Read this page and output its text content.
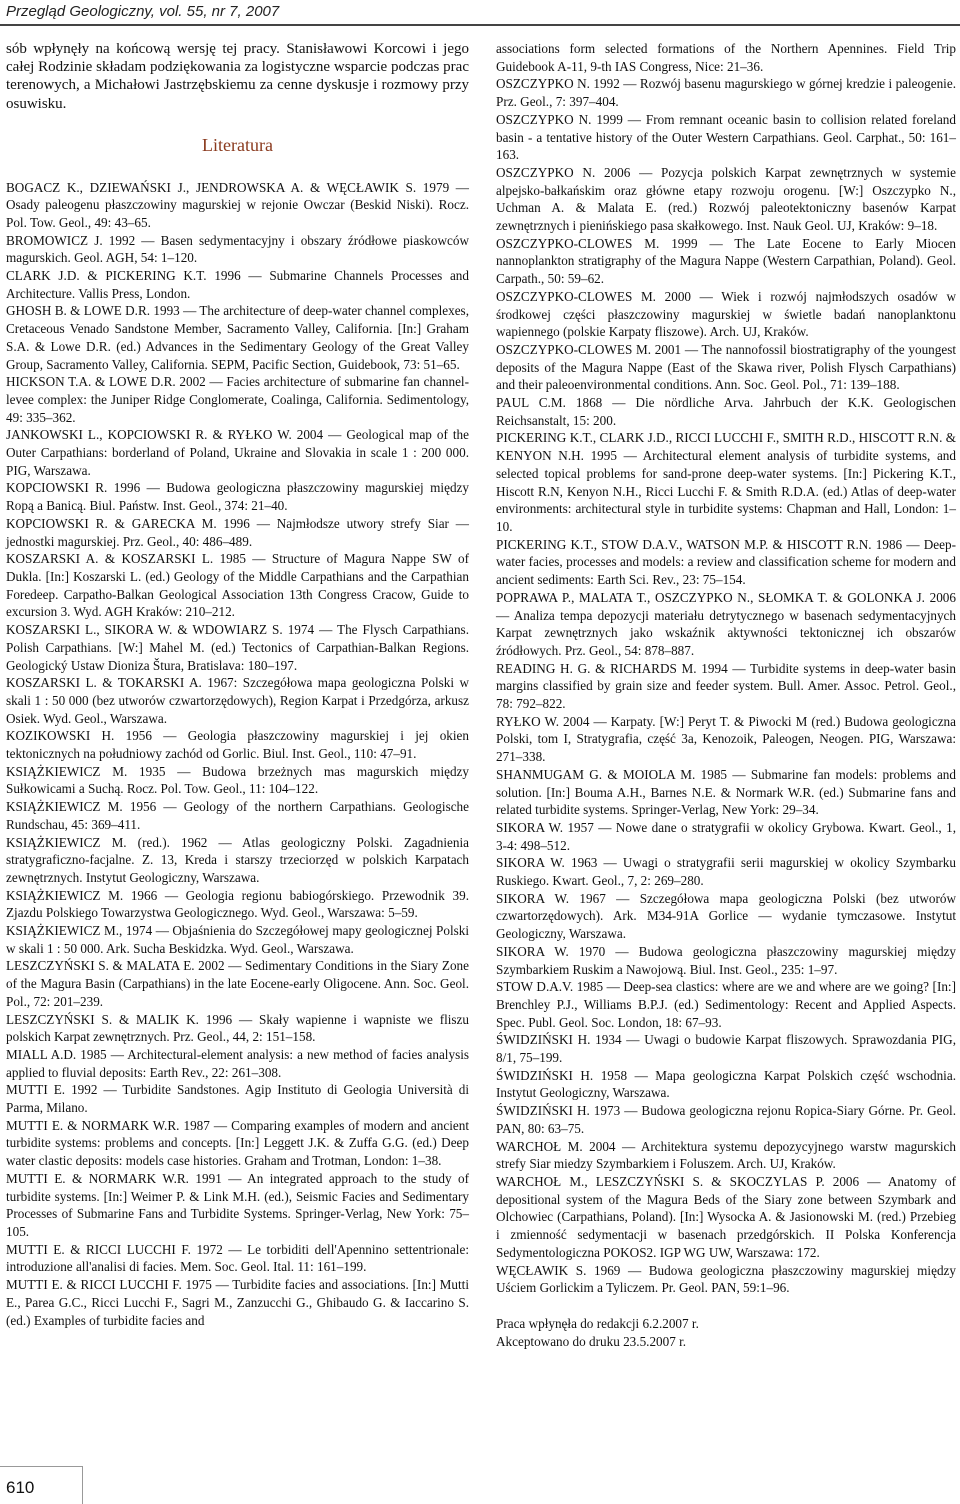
Przegląd Geologiczny, vol. 55, nr 7, 2007

sób wpłynęły na końcową wersję tej pracy. Stanisławowi Korcowi i jego całej Rodzinie składam podziękowania za logistyczne wsparcie podczas prac terenowych, a Michałowi Jastrzębskiemu za cenne dyskusje i rozmowy przy osuwisku.

Literatura

BOGACZ K., DZIEWAŃSKI J., JENDROWSKA A. & WĘCŁAWIK S. 1979 — Osady paleogenu płaszczowiny magurskiej w rejonie Owczar (Beskid Niski). Rocz. Pol. Tow. Geol., 49: 43–65.

BROMOWICZ J. 1992 — Basen sedymentacyjny i obszary źródłowe piaskowców magurskich. Geol. AGH, 54: 1–120.

CLARK J.D. & PICKERING K.T. 1996 — Submarine Channels Processes and Architecture. Vallis Press, London.

GHOSH B. & LOWE D.R. 1993 — The architecture of deep-water channel complexes, Cretaceous Venado Sandstone Member, Sacramento Valley, California. [In:] Graham S.A. & Lowe D.R. (ed.) Advances in the Sedimentary Geology of the Great Valley Group, Sacramento Valley, California. SEPM, Pacific Section, Guidebook, 73: 51–65.

HICKSON T.A. & LOWE D.R. 2002 — Facies architecture of submarine fan channel-levee complex: the Juniper Ridge Conglomerate, Coalinga, California. Sedimentology, 49: 335–362.

JANKOWSKI L., KOPCIOWSKI R. & RYŁKO W. 2004 — Geological map of the Outer Carpathians: borderland of Poland, Ukraine and Slovakia in scale 1 : 200 000. PIG, Warszawa.

KOPCIOWSKI R. 1996 — Budowa geologiczna płaszczowiny magurskiej między Ropą a Banicą. Biul. Państw. Inst. Geol., 374: 21–40.

KOPCIOWSKI R. & GARECKA M. 1996 — Najmłodsze utwory strefy Siar — jednostki magurskiej. Prz. Geol., 40: 486–489.

KOSZARSKI A. & KOSZARSKI L. 1985 — Structure of Magura Nappe SW of Dukla. [In:] Koszarski L. (ed.) Geology of the Middle Carpathians and the Carpathian Foredeep. Carpatho-Balkan Geological Association 13th Congress Cracow, Guide to excursion 3. Wyd. AGH Kraków: 210–212.

KOSZARSKI L., SIKORA W. & WDOWIARZ S. 1974 — The Flysch Carpathians. Polish Carpathians. [W:] Mahel M. (ed.) Tectonics of Carpathian-Balkan Regions. Geologický Ustaw Dioniza Štura, Bratislava: 180–197.

KOSZARSKI L. & TOKARSKI A. 1967: Szczegółowa mapa geologiczna Polski w skali 1 : 50 000 (bez utworów czwartorzędowych), Region Karpat i Przedgórza, arkusz Osiek. Wyd. Geol., Warszawa.

KOZIKOWSKI H. 1956 — Geologia płaszczowiny magurskiej i jej okien tektonicznych na południowy zachód od Gorlic. Biul. Inst. Geol., 110: 47–91.

KSIĄŻKIEWICZ M. 1935 — Budowa brzeżnych mas magurskich między Sułkowicami a Suchą. Rocz. Pol. Tow. Geol., 11: 104–122.

KSIĄŻKIEWICZ M. 1956 — Geology of the northern Carpathians. Geologische Rundschau, 45: 369–411.

KSIĄŻKIEWICZ M. (red.). 1962 — Atlas geologiczny Polski. Zagadnienia stratygraficzno-facjalne. Z. 13, Kreda i starszy trzeciorzęd w polskich Karpatach zewnętrznych. Instytut Geologiczny, Warszawa.

KSIĄŻKIEWICZ M. 1966 — Geologia regionu babiogórskiego. Przewodnik 39. Zjazdu Polskiego Towarzystwa Geologicznego. Wyd. Geol., Warszawa: 5–59.

KSIĄŻKIEWICZ M., 1974 — Objaśnienia do Szczegółowej mapy geologicznej Polski w skali 1 : 50 000. Ark. Sucha Beskidzka. Wyd. Geol., Warszawa.

LESZCZYŃSKI S. & MALATA E. 2002 — Sedimentary Conditions in the Siary Zone of the Magura Basin (Carpathians) in the late Eocene-early Oligocene. Ann. Soc. Geol. Pol., 72: 201–239.

LESZCZYŃSKI S. & MALIK K. 1996 — Skały wapienne i wapniste we fliszu polskich Karpat zewnętrznych. Prz. Geol., 44, 2: 151–158.

MIALL A.D. 1985 — Architectural-element analysis: a new method of facies analysis applied to fluvial deposits: Earth Rev., 22: 261–308.

MUTTI E. 1992 — Turbidite Sandstones. Agip Instituto di Geologia Università di Parma, Milano.

MUTTI E. & NORMARK W.R. 1987 — Comparing examples of modern and ancient turbidite systems: problems and concepts. [In:] Leggett J.K. & Zuffa G.G. (ed.) Deep water clastic deposits: models case histories. Graham and Trotman, London: 1–38.

MUTTI E. & NORMARK W.R. 1991 — An integrated approach to the study of turbidite systems. [In:] Weimer P. & Link M.H. (ed.), Seismic Facies and Sedimentary Processes of Submarine Fans and Turbidite Systems. Springer-Verlag, New York: 75–105.

MUTTI E. & RICCI LUCCHI F. 1972 — Le torbiditi dell'Apennino settentrionale: introduzione all'analisi di facies. Mem. Soc. Geol. Ital. 11: 161–199.

MUTTI E. & RICCI LUCCHI F. 1975 — Turbidite facies and associations. [In:] Mutti E., Parea G.C., Ricci Lucchi F., Sagri M., Zanzucchi G., Ghibaudo G. & Iaccarino S. (ed.) Examples of turbidite facies and

associations form selected formations of the Northern Apennines. Field Trip Guidebook A-11, 9-th IAS Congress, Nice: 21–36.

OSZCZYPKO N. 1992 — Rozwój basenu magurskiego w górnej kredzie i paleogenie. Prz. Geol., 7: 397–404.

OSZCZYPKO N. 1999 — From remnant oceanic basin to collision related foreland basin - a tentative history of the Outer Western Carpathians. Geol. Carphat., 50: 161–163.

OSZCZYPKO N. 2006 — Pozycja polskich Karpat zewnętrznych w systemie alpejsko-bałkańskim oraz główne etapy rozwoju orogenu. [W:] Oszczypko N., Uchman A. & Malata E. (red.) Rozwój paleotektoniczny basenów Karpat zewnętrznych i pienińskiego pasa skałkowego. Inst. Nauk Geol. UJ, Kraków: 9–18.

OSZCZYPKO-CLOWES M. 1999 — The Late Eocene to Early Miocen nannoplankton stratigraphy of the Magura Nappe (Western Carpathian, Poland). Geol. Carpath., 50: 59–62.

OSZCZYPKO-CLOWES M. 2000 — Wiek i rozwój najmłodszych osadów w środkowej części płaszczowiny magurskiej w świetle badań nanoplanktonu wapiennego (polskie Karpaty fliszowe). Arch. UJ, Kraków.

OSZCZYPKO-CLOWES M. 2001 — The nannofossil biostratigraphy of the youngest deposits of the Magura Nappe (East of the Skawa river, Polish Flysch Carpathians) and their paleoenvironmental conditions. Ann. Soc. Geol. Pol., 71: 139–188.

PAUL C.M. 1868 — Die nördliche Arva. Jahrbuch der K.K. Geologischen Reichsanstalt, 15: 200.

PICKERING K.T., CLARK J.D., RICCI LUCCHI F., SMITH R.D., HISCOTT R.N. & KENYON N.H. 1995 — Architectural element analysis of turbidite systems, and selected topical problems for sand-prone deep-water systems. [In:] Pickering K.T., Hiscott R.N, Kenyon N.H., Ricci Lucchi F. & Smith R.D.A. (ed.) Atlas of deep-water environments: architectural style in turbidite systems: Chapman and Hall, London: 1–10.

PICKERING K.T., STOW D.A.V., WATSON M.P. & HISCOTT R.N. 1986 — Deep-water facies, processes and models: a review and classification scheme for modern and ancient sediments: Earth Sci. Rev., 23: 75–154.

POPRAWA P., MALATA T., OSZCZYPKO N., SŁOMKA T. & GOLONKA J. 2006 — Analiza tempa depozycji materiału detrytycznego w basenach sedymentacyjnych Karpat zewnętrznych jako wskaźnik aktywności tektonicznej ich obszarów źródłowych. Prz. Geol., 54: 878–887.

READING H. G. & RICHARDS M. 1994 — Turbidite systems in deep-water basin margins classified by grain size and feeder system. Bull. Amer. Assoc. Petrol. Geol., 78: 792–822.

RYŁKO W. 2004 — Karpaty. [W:] Peryt T. & Piwocki M (red.) Budowa geologiczna Polski, tom I, Stratygrafia, część 3a, Kenozoik, Paleogen, Neogen. PIG, Warszawa: 271–338.

SHANMUGAM G. & MOIOLA M. 1985 — Submarine fan models: problems and solution. [In:] Bouma A.H., Barnes N.E. & Normark W.R. (ed.) Submarine fans and related turbidite systems. Springer-Verlag, New York: 29–34.

SIKORA W. 1957 — Nowe dane o stratygrafii w okolicy Grybowa. Kwart. Geol., 1, 3-4: 498–512.

SIKORA W. 1963 — Uwagi o stratygrafii serii magurskiej w okolicy Szymbarku Ruskiego. Kwart. Geol., 7, 2: 269–280.

SIKORA W. 1967 — Szczegółowa mapa geologiczna Polski (bez utworów czwartorzędowych). Ark. M34-91A Gorlice — wydanie tymczasowe. Instytut Geologiczny, Warszawa.

SIKORA W. 1970 — Budowa geologiczna płaszczowiny magurskiej między Szymbarkiem Ruskim a Nawojową. Biul. Inst. Geol., 235: 1–97.

STOW D.A.V. 1985 — Deep-sea clastics: where are we and where are we going? [In:] Brenchley P.J., Williams B.P.J. (ed.) Sedimentology: Recent and Applied Aspects. Spec. Publ. Geol. Soc. London, 18: 67–93.

ŚWIDZIŃSKI H. 1934 — Uwagi o budowie Karpat fliszowych. Sprawozdania PIG, 8/1, 75–199.

ŚWIDZIŃSKI H. 1958 — Mapa geologiczna Karpat Polskich część wschodnia. Instytut Geologiczny, Warszawa.

ŚWIDZIŃSKI H. 1973 — Budowa geologiczna rejonu Ropica-Siary Górne. Pr. Geol. PAN, 80: 63–75.

WARCHOŁ M. 2004 — Architektura systemu depozycyjnego warstw magurskich strefy Siar miedzy Szymbarkiem i Foluszem. Arch. UJ, Kraków.

WARCHOŁ M., LESZCZYŃSKI S. & SKOCZYLAS P. 2006 — Anatomy of depositional system of the Magura Beds of the Siary zone between Szymbark and Olchowiec (Carpathians, Poland). [In:] Wysocka A. & Jasionowski M. (red.) Przebieg i zmienność sedymentacji w basenach przedgórskich. II Polska Konferencja Sedymentologiczna POKOS2. IGP WG UW, Warszawa: 172.

WĘCŁAWIK S. 1969 — Budowa geologiczna płaszczowiny magurskiej między Uściem Gorlickim a Tyliczem. Pr. Geol. PAN, 59:1–96.

Praca wpłynęła do redakcji 6.2.2007 r.
Akceptowano do druku 23.5.2007 r.
610
